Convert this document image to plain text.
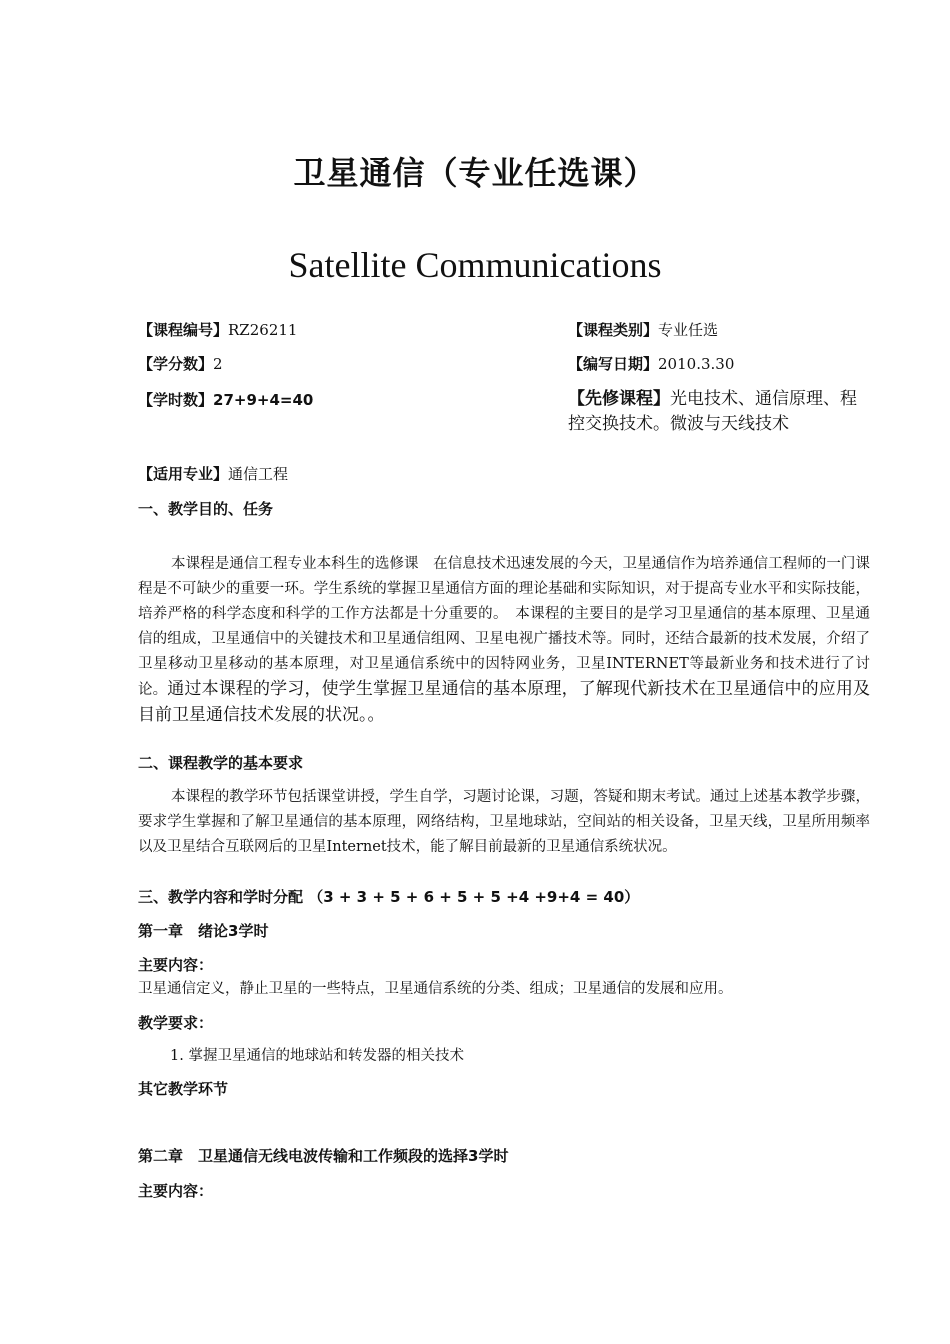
卫星通信（专业任选课）
Satellite Communications
【课程编号】RZ26211	【课程类别】专业任选
【学分数】2	【编写日期】2010.3.30
【学时数】27+9+4=40	【先修课程】光电技术、通信原理、程控交换技术。微波与天线技术
【适用专业】通信工程
一、教学目的、任务
本课程是通信工程专业本科生的选修课　在信息技术迅速发展的今天，卫星通信作为培养通信工程师的一门课程是不可缺少的重要一环。学生系统的掌握卫星通信方面的理论基础和实际知识，对于提高专业水平和实际技能，培养严格的科学态度和科学的工作方法都是十分重要的。　本课程的主要目的是学习卫星通信的基本原理、卫星通信的组成，卫星通信中的关键技术和卫星通信组网、卫星电视广播技术等。同时，还结合最新的技术发展，介绍了卫星移动卫星移动的基本原理，对卫星通信系统中的因特网业务，卫星INTERNET等最新业务和技术进行了讨论。通过本课程的学习，使学生掌握卫星通信的基本原理，了解现代新技术在卫星通信中的应用及目前卫星通信技术发展的状况。。
二、课程教学的基本要求
本课程的教学环节包括课堂讲授，学生自学，习题讨论课，习题，答疑和期末考试。通过上述基本教学步骤，要求学生掌握和了解卫星通信的基本原理，网络结构，卫星地球站，空间站的相关设备，卫星天线，卫星所用频率以及卫星结合互联网后的卫星Internet技术，能了解目前最新的卫星通信系统状况。
三、教学内容和学时分配 （3 + 3 + 5 + 6 + 5 + 5 +4 +9+4 = 40）
第一章　绪论3学时
主要内容：
卫星通信定义，静止卫星的一些特点，卫星通信系统的分类、组成；卫星通信的发展和应用。
教学要求：
1. 掌握卫星通信的地球站和转发器的相关技术
其它教学环节
第二章　卫星通信无线电波传输和工作频段的选择3学时
主要内容：
